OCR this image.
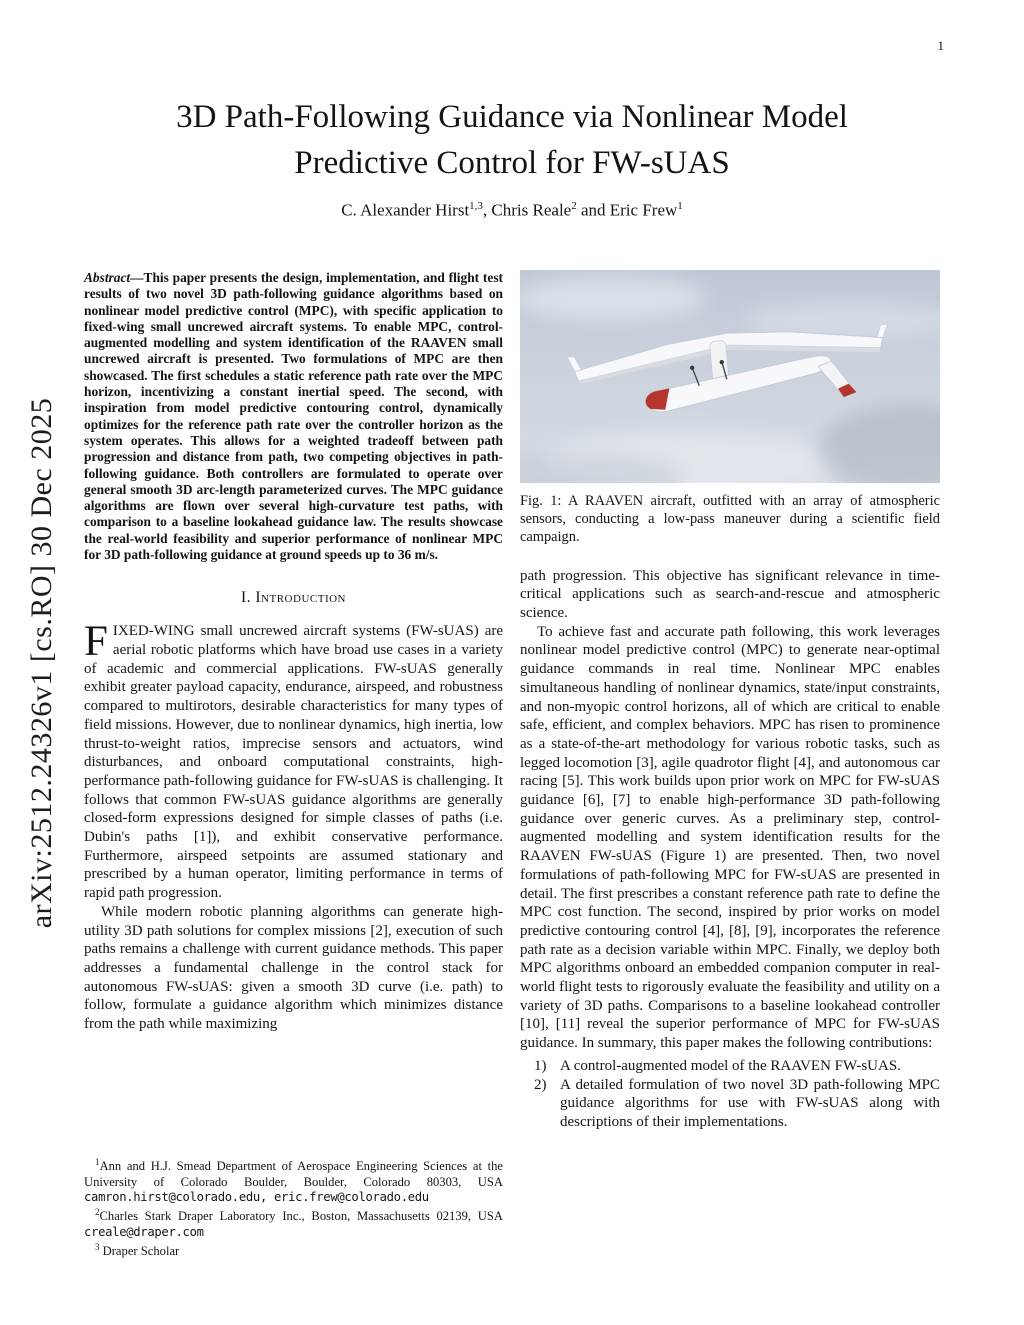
1
arXiv:2512.24326v1 [cs.RO] 30 Dec 2025
3D Path-Following Guidance via Nonlinear Model
Predictive Control for FW-sUAS
C. Alexander Hirst$^{1,3}$, Chris Reale$^2$ and Eric Frew$^1$

Abstract—This paper presents the design, implementation, and flight test results of two novel 3D path-following guidance algorithms based on nonlinear model predictive control (MPC), with specific application to fixed-wing small uncrewed aircraft systems. To enable MPC, control-augmented modelling and system identification of the RAAVEN small uncrewed aircraft is presented. Two formulations of MPC are then showcased. The first schedules a static reference path rate over the MPC horizon, incentivizing a constant inertial speed. The second, with inspiration from model predictive contouring control, dynamically optimizes for the reference path rate over the controller horizon as the system operates. This allows for a weighted tradeoff between path progression and distance from path, two competing objectives in path-following guidance. Both controllers are formulated to operate over general smooth 3D arc-length parameterized curves. The MPC guidance algorithms are flown over several high-curvature test paths, with comparison to a baseline lookahead guidance law. The results showcase the real-world feasibility and superior performance of nonlinear MPC for 3D path-following guidance at ground speeds up to 36 m/s.

I. Introduction

FIXED-WING small uncrewed aircraft systems (FW-sUAS) are aerial robotic platforms which have broad use cases in a variety of academic and commercial applications. FW-sUAS generally exhibit greater payload capacity, endurance, airspeed, and robustness compared to multirotors, desirable characteristics for many types of field missions. However, due to nonlinear dynamics, high inertia, low thrust-to-weight ratios, imprecise sensors and actuators, wind disturbances, and onboard computational constraints, high-performance path-following guidance for FW-sUAS is challenging. It follows that common FW-sUAS guidance algorithms are generally closed-form expressions designed for simple classes of paths (i.e. Dubin's paths [1]), and exhibit conservative performance. Furthermore, airspeed setpoints are assumed stationary and prescribed by a human operator, limiting performance in terms of rapid path progression.

While modern robotic planning algorithms can generate high-utility 3D path solutions for complex missions [2], execution of such paths remains a challenge with current guidance methods. This paper addresses a fundamental challenge in the control stack for autonomous FW-sUAS: given a smooth 3D curve (i.e. path) to follow, formulate a guidance algorithm which minimizes distance from the path while maximizing

$^1$Ann and H.J. Smead Department of Aerospace Engineering Sciences at the University of Colorado Boulder, Boulder, Colorado 80303, USA camron.hirst@colorado.edu, eric.frew@colorado.edu

$^2$Charles Stark Draper Laboratory Inc., Boston, Massachusetts 02139, USA creale@draper.com

$^3$ Draper Scholar

Fig. 1: A RAAVEN aircraft, outfitted with an array of atmospheric sensors, conducting a low-pass maneuver during a scientific field campaign.

path progression. This objective has significant relevance in time-critical applications such as search-and-rescue and atmospheric science.

To achieve fast and accurate path following, this work leverages nonlinear model predictive control (MPC) to generate near-optimal guidance commands in real time. Nonlinear MPC enables simultaneous handling of nonlinear dynamics, state/input constraints, and non-myopic control horizons, all of which are critical to enable safe, efficient, and complex behaviors. MPC has risen to prominence as a state-of-the-art methodology for various robotic tasks, such as legged locomotion [3], agile quadrotor flight [4], and autonomous car racing [5]. This work builds upon prior work on MPC for FW-sUAS guidance [6], [7] to enable high-performance 3D path-following guidance over generic curves. As a preliminary step, control-augmented modelling and system identification results for the RAAVEN FW-sUAS (Figure 1) are presented. Then, two novel formulations of path-following MPC for FW-sUAS are presented in detail. The first prescribes a constant reference path rate to define the MPC cost function. The second, inspired by prior works on model predictive contouring control [4], [8], [9], incorporates the reference path rate as a decision variable within MPC. Finally, we deploy both MPC algorithms onboard an embedded companion computer in real-world flight tests to rigorously evaluate the feasibility and utility on a variety of 3D paths. Comparisons to a baseline lookahead controller [10], [11] reveal the superior performance of MPC for FW-sUAS guidance. In summary, this paper makes the following contributions:

1) A control-augmented model of the RAAVEN FW-sUAS.
2) A detailed formulation of two novel 3D path-following MPC guidance algorithms for use with FW-sUAS along with descriptions of their implementations.
